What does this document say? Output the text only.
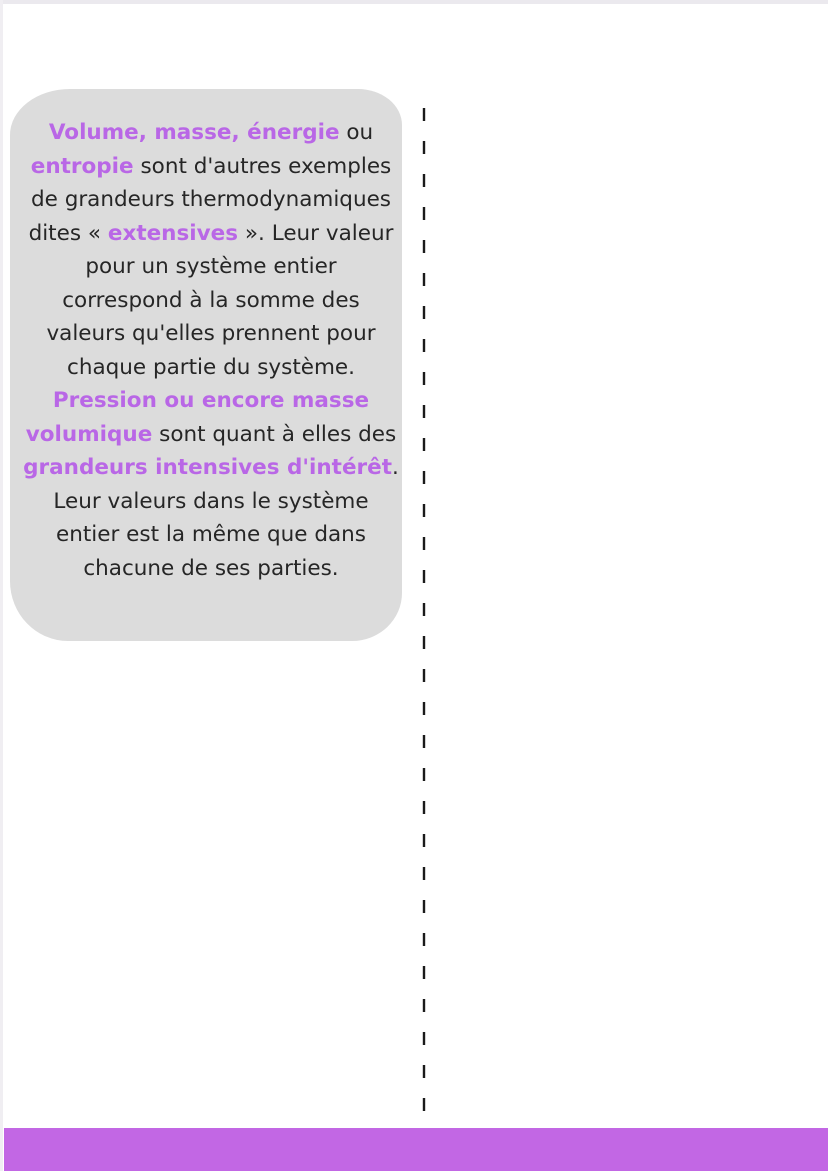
Volume, masse, énergie ou entropie sont d'autres exemples de grandeurs thermodynamiques dites « extensives ». Leur valeur pour un système entier correspond à la somme des valeurs qu'elles prennent pour chaque partie du système. Pression ou encore masse volumique sont quant à elles des grandeurs intensives d'intérêt. Leur valeurs dans le système entier est la même que dans chacune de ses parties.
